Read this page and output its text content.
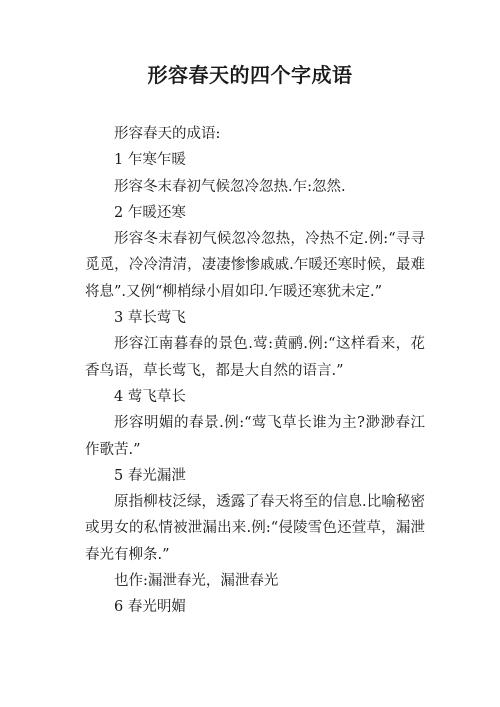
形容春天的四个字成语

形容春天的成语:

1 乍寒乍暖

形容冬末春初气候忽冷忽热.乍:忽然.

2 乍暖还寒

形容冬末春初气候忽冷忽热，冷热不定.例:“寻寻觅觅，冷冷清清，凄凄惨惨戚戚.乍暖还寒时候，最难将息”.又例“柳梢绿小眉如印.乍暖还寒犹未定.”

3 草长莺飞

形容江南暮春的景色.莺:黄鹂.例:“这样看来，花香鸟语，草长莺飞，都是大自然的语言.”

4 莺飞草长

形容明媚的春景.例:“莺飞草长谁为主?渺渺春江作歌苦.”

5 春光漏泄

原指柳枝泛绿，透露了春天将至的信息.比喻秘密或男女的私情被泄漏出来.例:“侵陵雪色还萱草，漏泄春光有柳条.”

也作:漏泄春光，漏泄春光

6 春光明媚
